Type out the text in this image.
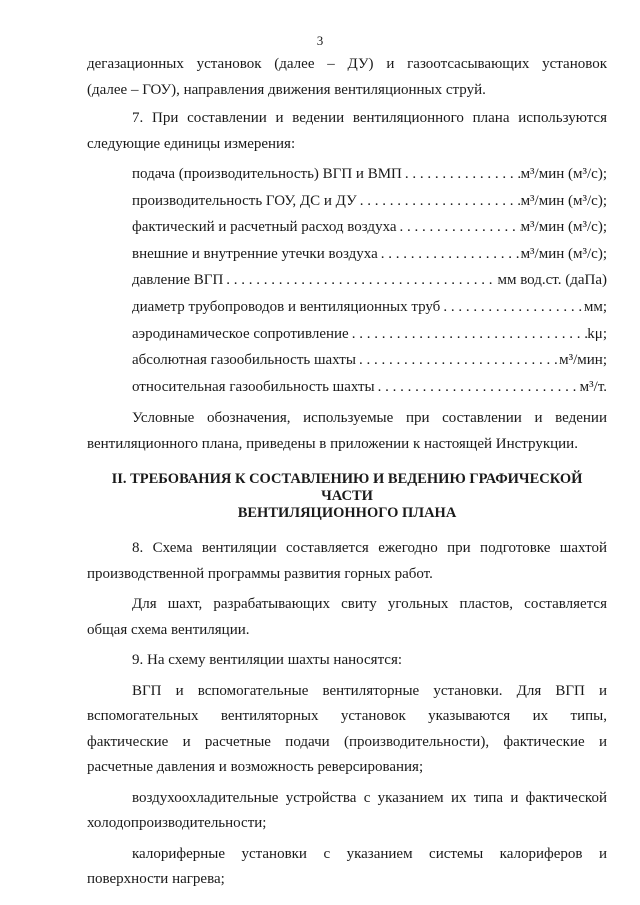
3

дегазационных установок (далее – ДУ) и газоотсасывающих установок

(далее – ГОУ), направления движения вентиляционных струй.

7. При составлении и ведении вентиляционного плана используются

следующие единицы измерения:

подача (производительность) ВГП и ВМП . . .	м³/мин (м³/с);
производительность ГОУ, ДС и ДУ . . .	м³/мин (м³/с);
фактический и расчетный расход воздуха . . .	м³/мин (м³/с);
внешние и внутренние утечки воздуха . . .	м³/мин (м³/с);
давление ВГП . . .	мм вод.ст. (даПа)
диаметр трубопроводов и вентиляционных труб . . .	мм;
аэродинамическое сопротивление . . .	kμ;
абсолютная газообильность шахты . . .	м³/мин;
относительная газообильность шахты . . .	м³/т.

Условные обозначения, используемые при составлении и ведении

вентиляционного плана, приведены в приложении к настоящей Инструкции.

II. ТРЕБОВАНИЯ К СОСТАВЛЕНИЮ И ВЕДЕНИЮ ГРАФИЧЕСКОЙ ЧАСТИ
ВЕНТИЛЯЦИОННОГО ПЛАНА

8. Схема вентиляции составляется ежегодно при подготовке шахтой

производственной программы развития горных работ.

Для шахт, разрабатывающих свиту угольных пластов, составляется

общая схема вентиляции.

9. На схему вентиляции шахты наносятся:

ВГП и вспомогательные вентиляторные установки. Для ВГП и

вспомогательных вентиляторных установок указываются их типы,

фактические и расчетные подачи (производительности), фактические и

расчетные давления и возможность реверсирования;

воздухоохладительные устройства с указанием их типа и фактической

холодопроизводительности;

калориферные установки с указанием системы калориферов и

поверхности нагрева;
